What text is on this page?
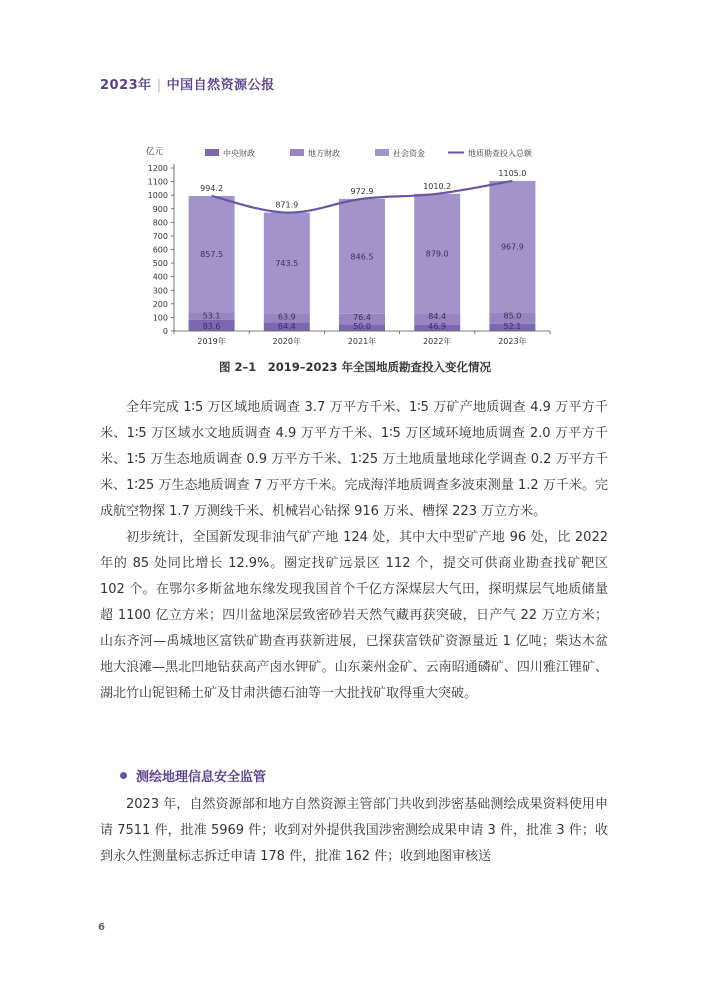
2023年 | 中国自然资源公报
中央财政	地方财政	社会资金	地质勘查投入总额
亿元
0
100
200
300
400
500
600
700
800
900
1000
1100
1200
83.6
53.1
857.5
64.4
63.9
743.5
50.0
76.4
846.5
46.9
84.4
879.0
52.1
85.0
967.9
994.2
871.9
972.9
1010.2
1105.0
2019年	2020年	2021年	2022年	2023年
图 2–1　2019–2023 年全国地质勘查投入变化情况

全年完成 1∶5 万区域地质调查 3.7 万平方千米、1∶5 万矿产地质调查 4.9 万平方千米、1∶5 万区域水文地质调查 4.9 万平方千米、1∶5 万区域环境地质调查 2.0 万平方千米、1∶5 万生态地质调查 0.9 万平方千米、1∶25 万土地质量地球化学调查 0.2 万平方千米、1∶25 万生态地质调查 7 万平方千米。完成海洋地质调查多波束测量 1.2 万千米。完成航空物探 1.7 万测线千米、机械岩心钻探 916 万米、槽探 223 万立方米。

初步统计，全国新发现非油气矿产地 124 处，其中大中型矿产地 96 处，比 2022 年的 85 处同比增长 12.9%。圈定找矿远景区 112 个，提交可供商业勘查找矿靶区 102 个。在鄂尔多斯盆地东缘发现我国首个千亿方深煤层大气田，探明煤层气地质储量超 1100 亿立方米；四川盆地深层致密砂岩天然气藏再获突破，日产气 22 万立方米；山东齐河—禹城地区富铁矿勘查再获新进展，已探获富铁矿资源量近 1 亿吨；柴达木盆地大浪滩—黑北凹地钻获高产卤水钾矿。山东莱州金矿、云南昭通磷矿、四川雅江锂矿、湖北竹山铌钽稀土矿及甘肃洪德石油等一大批找矿取得重大突破。

测绘地理信息安全监管

2023 年，自然资源部和地方自然资源主管部门共收到涉密基础测绘成果资料使用申请 7511 件，批准 5969 件；收到对外提供我国涉密测绘成果申请 3 件，批准 3 件；收到永久性测量标志拆迁申请 178 件，批准 162 件；收到地图审核送

6
